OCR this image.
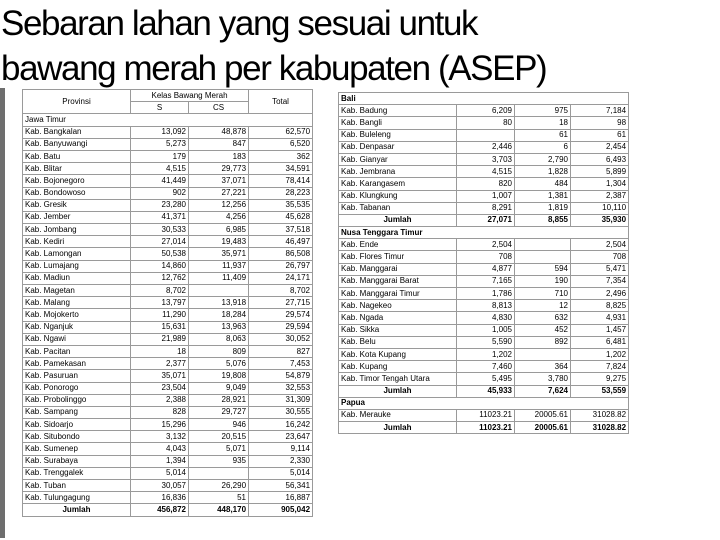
Sebaran lahan yang sesuai untuk
bawang merah per kabupaten (ASEP)
Provinsi	Kelas Bawang Merah		Total
	S	CS	
Jawa Timur			
Kab. Bangkalan	13,092	48,878	62,570
Kab. Banyuwangi	5,273	847	6,520
Kab. Batu	179	183	362
Kab. Blitar	4,515	29,773	34,591
Kab. Bojonegoro	41,449	37,071	78,414
Kab. Bondowoso	902	27,221	28,223
Kab. Gresik	23,280	12,256	35,535
Kab. Jember	41,371	4,256	45,628
Kab. Jombang	30,533	6,985	37,518
Kab. Kediri	27,014	19,483	46,497
Kab. Lamongan	50,538	35,971	86,508
Kab. Lumajang	14,860	11,937	26,797
Kab. Madiun	12,762	11,409	24,171
Kab. Magetan	8,702		8,702
Kab. Malang	13,797	13,918	27,715
Kab. Mojokerto	11,290	18,284	29,574
Kab. Nganjuk	15,631	13,963	29,594
Kab. Ngawi	21,989	8,063	30,052
Kab. Pacitan	18	809	827
Kab. Pamekasan	2,377	5,076	7,453
Kab. Pasuruan	35,071	19,808	54,879
Kab. Ponorogo	23,504	9,049	32,553
Kab. Probolinggo	2,388	28,921	31,309
Kab. Sampang	828	29,727	30,555
Kab. Sidoarjo	15,296	946	16,242
Kab. Situbondo	3,132	20,515	23,647
Kab. Sumenep	4,043	5,071	9,114
Kab. Surabaya	1,394	935	2,330
Kab. Trenggalek	5,014		5,014
Kab. Tuban	30,057	26,290	56,341
Kab. Tulungagung	16,836	51	16,887
Jumlah	456,872	448,170	905,042
Bali			
Kab. Badung	6,209	975	7,184
Kab. Bangli	80	18	98
Kab. Buleleng		61	61
Kab. Denpasar	2,446	6	2,454
Kab. Gianyar	3,703	2,790	6,493
Kab. Jembrana	4,515	1,828	5,899
Kab. Karangasem	820	484	1,304
Kab. Klungkung	1,007	1,381	2,387
Kab. Tabanan	8,291	1,819	10,110
Jumlah	27,071	8,855	35,930
Nusa Tenggara Timur			
Kab. Ende	2,504		2,504
Kab. Flores Timur	708		708
Kab. Manggarai	4,877	594	5,471
Kab. Manggarai Barat	7,165	190	7,354
Kab. Manggarai Timur	1,786	710	2,496
Kab. Nagekeo	8,813	12	8,825
Kab. Ngada	4,830	632	4,931
Kab. Sikka	1,005	452	1,457
Kab. Belu	5,590	892	6,481
Kab. Kota Kupang	1,202		1,202
Kab. Kupang	7,460	364	7,824
Kab. Timor Tengah Utara	5,495	3,780	9,275
Jumlah	45,933	7,624	53,559
Papua			
Kab. Merauke	11023.21	20005.61	31028.82
Jumlah	11023.21	20005.61	31028.82
